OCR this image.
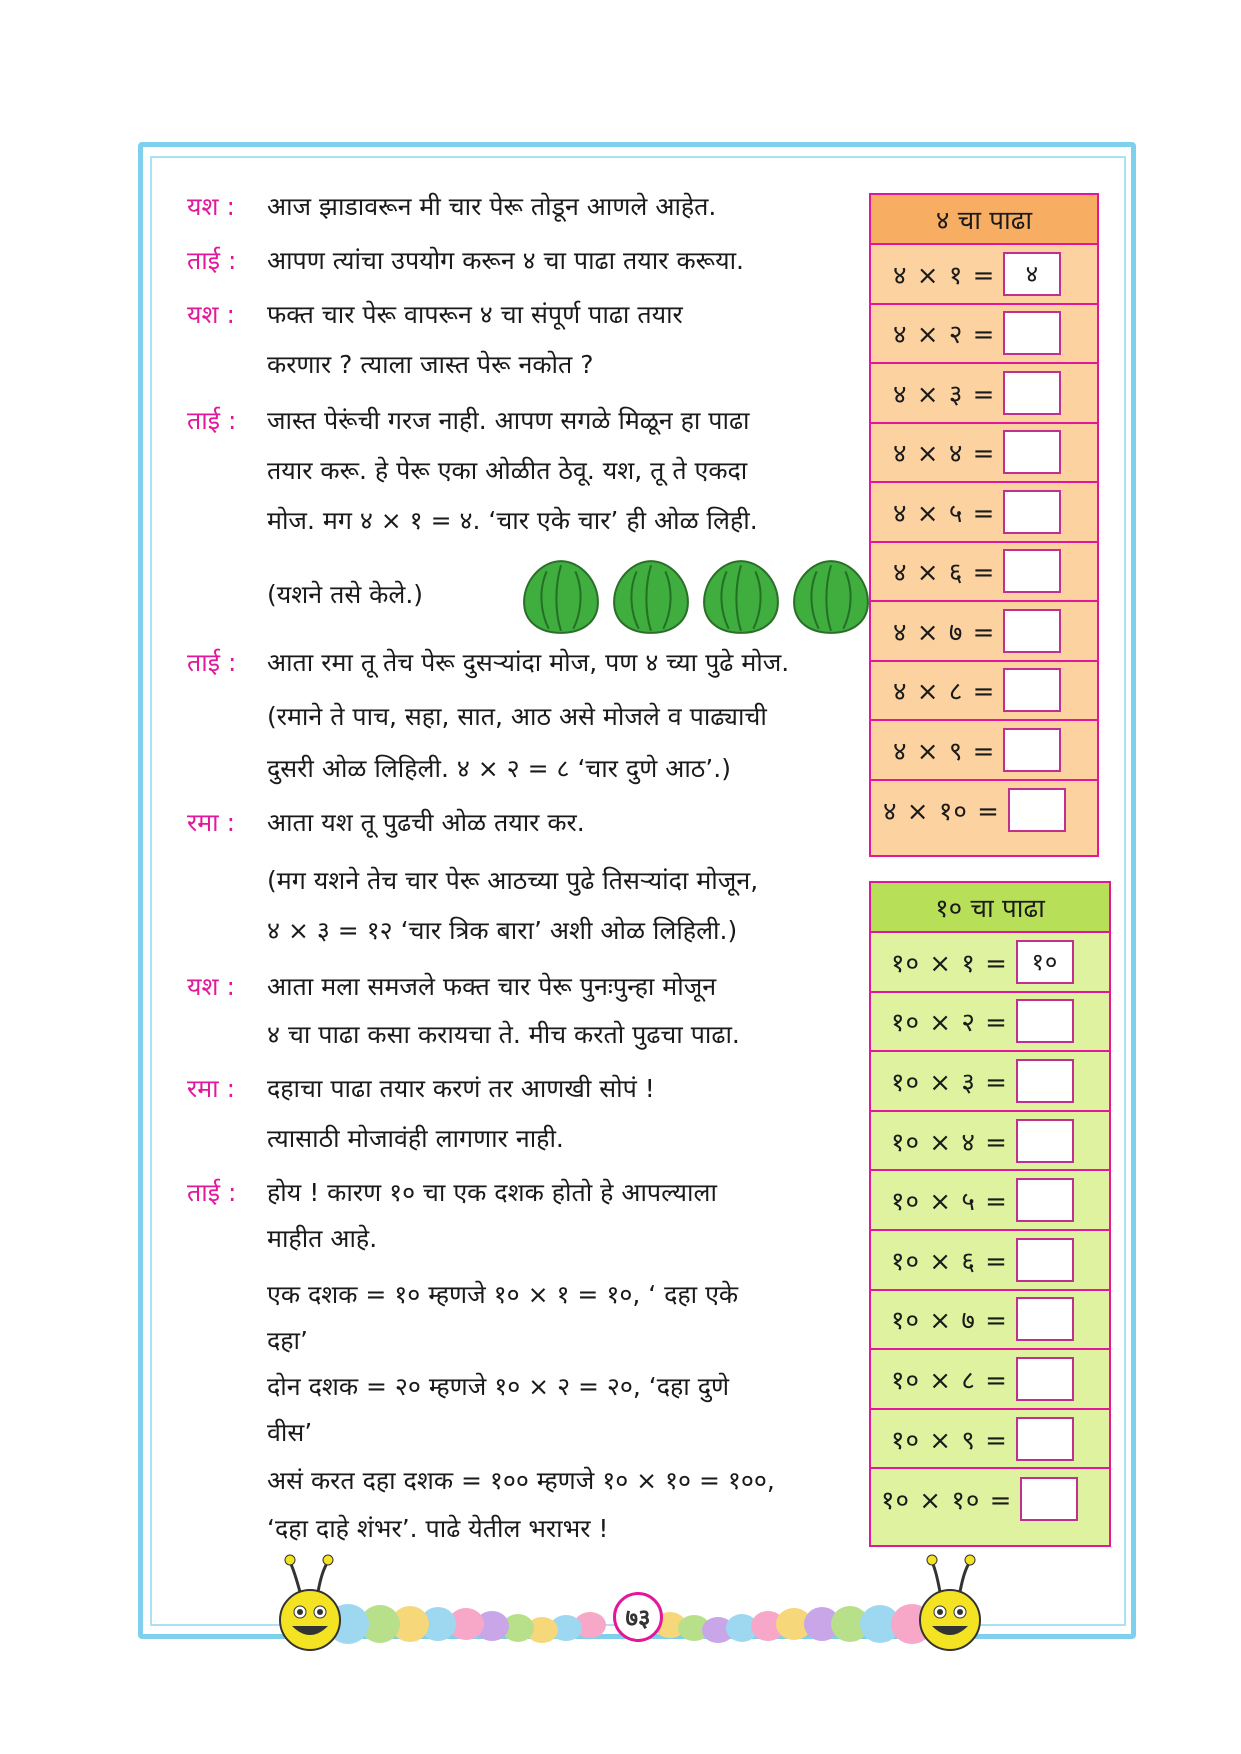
यश : आज झाडावरून मी चार पेरू तोडून आणले आहेत.
ताई : आपण त्यांचा उपयोग करून ४ चा पाढा तयार करूया.
यश : फक्त चार पेरू वापरून ४ चा संपूर्ण पाढा तयार
करणार ? त्याला जास्त पेरू नकोत ?
ताई : जास्त पेरूंची गरज नाही. आपण सगळे मिळून हा पाढा
तयार करू. हे पेरू एका ओळीत ठेवू. यश, तू ते एकदा
मोज. मग ४ × १ = ४. ‘चार एके चार’ ही ओळ लिही.
(यशने तसे केले.)
ताई : आता रमा तू तेच पेरू दुसऱ्यांदा मोज, पण ४ च्या पुढे मोज.
(रमाने ते पाच, सहा, सात, आठ असे मोजले व पाढ्याची
दुसरी ओळ लिहिली. ४ × २ = ८ ‘चार दुणे आठ’.)
रमा : आता यश तू पुढची ओळ तयार कर.
(मग यशने तेच चार पेरू आठच्या पुढे तिसऱ्यांदा मोजून,
४ × ३ = १२ ‘चार त्रिक बारा’ अशी ओळ लिहिली.)
यश : आता मला समजले फक्त चार पेरू पुनःपुन्हा मोजून
४ चा पाढा कसा करायचा ते. मीच करतो पुढचा पाढा.
रमा : दहाचा पाढा तयार करणं तर आणखी सोपं !
त्यासाठी मोजावंही लागणार नाही.
ताई : होय ! कारण १० चा एक दशक होतो हे आपल्याला
माहीत आहे.
एक दशक = १० म्हणजे १० × १ = १०, ‘ दहा एके
दहा’
दोन दशक = २० म्हणजे १० × २ = २०, ‘दहा दुणे
वीस’
असं करत दहा दशक = १०० म्हणजे १० × १० = १००,
‘दहा दाहे शंभर’. पाढे येतील भराभर !
४ चा पाढा
४ × १ =	४
४ × २ =
४ × ३ =
४ × ४ =
४ × ५ =
४ × ६ =
४ × ७ =
४ × ८ =
४ × ९ =
४ × १० =
१० चा पाढा
१० × १ = १०
१० × २ =
१० × ३ =
१० × ४ =
१० × ५ =
१० × ६ =
१० × ७ =
१० × ८ =
१० × ९ =
१० × १० =
७३
